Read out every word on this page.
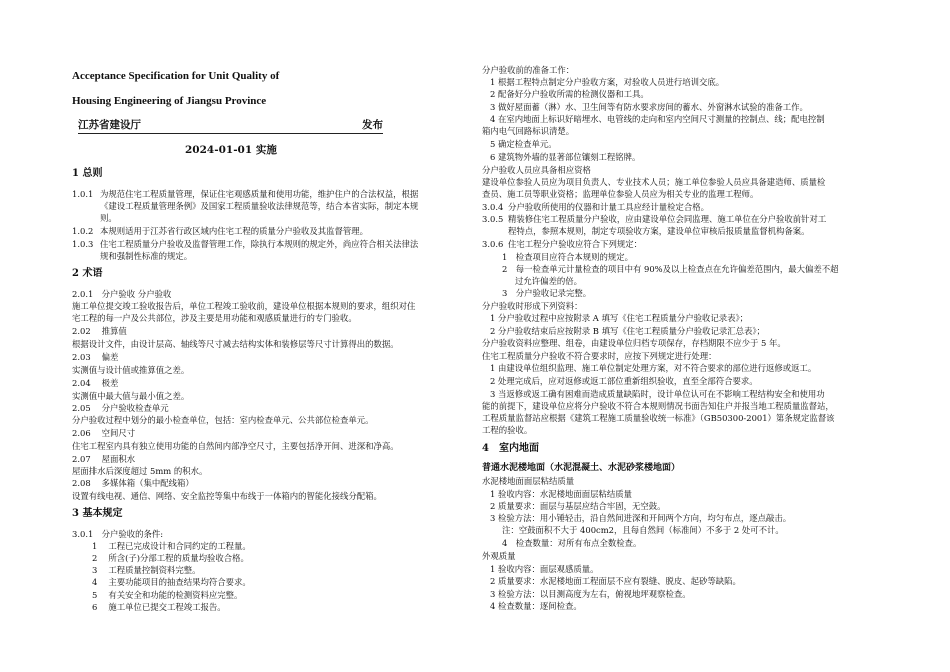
Acceptance Specification for Unit Quality of
Housing Engineering of Jiangsu Province
江苏省建设厅	发布
2024-01-01 实施
1 总则
1.0.1 为规范住宅工程质量管理，保证住宅观感质量和使用功能，维护住户的合法权益，根据
《建设工程质量管理条例》及国家工程质量验收法律规范等，结合本省实际，制定本规
则。
1.0.2 本规则适用于江苏省行政区域内住宅工程的质量分户验收及其监督管理。
1.0.3 住宅工程质量分户验收及监督管理工作，除执行本规则的规定外，尚应符合相关法律法
规和强制性标准的规定。
2 术语
2.0.1　分户验收 分户验收
施工单位提交竣工验收报告后，单位工程竣工验收前，建设单位根据本规则的要求，组织对住
宅工程的每一户及公共部位，涉及主要是用功能和观感质量进行的专门验收。
2.02　 推算值
根据设计文件，由设计层高、轴线等尺寸减去结构实体和装修层等尺寸计算得出的数据。
2.03　 偏差
实测值与设计值或推算值之差。
2.04　 极差
实测值中最大值与最小值之差。
2.05　 分户验收检查单元
分户验收过程中划分的最小检查单位，包括：室内检查单元、公共部位检查单元。
2.06　 空间尺寸
住宅工程室内具有独立使用功能的自然间内部净空尺寸，主要包括净开间、进深和净高。
2.07　 屋面积水
屋面排水后深度超过 5mm 的积水。
2.08　 多媒体箱（集中配线箱）
设置有线电视、通信、网络、安全监控等集中布线于一体箱内的智能化接线分配箱。
3 基本规定
3.0.1　分户验收的条件:
1　 工程已完成设计和合同约定的工程量。
2　 所含(子)分部工程的质量均验收合格。
3　 工程质量控制资料完整。
4　 主要功能项目的抽查结果均符合要求。
5　 有关安全和功能的检测资料应完整。
6　 施工单位已提交工程竣工报告。
分户验收前的准备工作：
1 根据工程特点制定分户验收方案，对验收人员进行培训交底。
2 配备好分户验收所需的检测仪器和工具。
3 做好屋面蓄（淋）水、卫生间等有防水要求房间的蓄水、外窗淋水试验的准备工作。
4 在室内地面上标识好暗埋水、电管线的走向和室内空间尺寸测量的控制点、线；配电控制
箱内电气回路标识清楚。
5 确定检查单元。
6 建筑物外墙的显著部位镶刻工程铭牌。
分户验收人员应具备相应资格
建设单位参验人员应为项目负责人、专业技术人员；施工单位参验人员应具备建造师、质量检
查员、施工员等职业资格；监理单位参验人员应为相关专业的监理工程师。
3.0.4 分户验收所使用的仪器和计量工具应经计量检定合格。
3.0.5 精装修住宅工程质量分户验收，应由建设单位会同监理、施工单位在分户验收前针对工
程特点，参照本规则，制定专项验收方案，建设单位审核后报质量监督机构备案。
3.0.6 住宅工程分户验收应符合下列规定：
1　检查项目应符合本规则的规定。
2　每一检查单元计量检查的项目中有 90%及以上检查点在允许偏差范围内，最大偏差不超
过允许偏差的倍。
3　分户验收记录完整。
分户验收时形成下列资料：
1 分户验收过程中应按附录 A 填写《住宅工程质量分户验收记录表》；
2 分户验收结束后应按附录 B 填写《住宅工程质量分户验收记录汇总表》；
分户验收资料应整理、组卷，由建设单位归档专项保存，存档期限不应少于 5 年。
住宅工程质量分户验收不符合要求时，应按下列规定进行处理：
1 由建设单位组织监理、施工单位制定处理方案，对不符合要求的部位进行返修或返工。
2 处理完成后，应对返修或返工部位重新组织验收，直至全部符合要求。
3 当返修或返工确有困难而造成质量缺陷时，设计单位认可在不影响工程结构安全和使用功
能的前提下，建设单位应将分户验收不符合本规则情况书面告知住户并报当地工程质量监督站，
工程质量监督站应根据《建筑工程施工质量验收统一标准》（GB50300-2001）第条规定监督该
工程的验收。
4　室内地面
普通水泥楼地面（水泥混凝土、水泥砂浆楼地面）
水泥楼地面面层粘结质量
1 验收内容：水泥楼地面面层粘结质量
2 质量要求：面层与基层应结合牢固，无空鼓。
3 检验方法：用小锤轻击，沿自然间进深和开间两个方向，均匀布点，逐点敲击。
注：空鼓面积不大于 400cm2，且每自然间（标准间）不多于 2 处可不计。
4　检查数量：对所有布点全数检查。
外观质量
1 验收内容：面层观感质量。
2 质量要求：水泥楼地面工程面层不应有裂缝、脱皮、起砂等缺陷。
3 检验方法：以目测高度为左右，俯视地坪观察检查。
4 检查数量：逐间检查。
